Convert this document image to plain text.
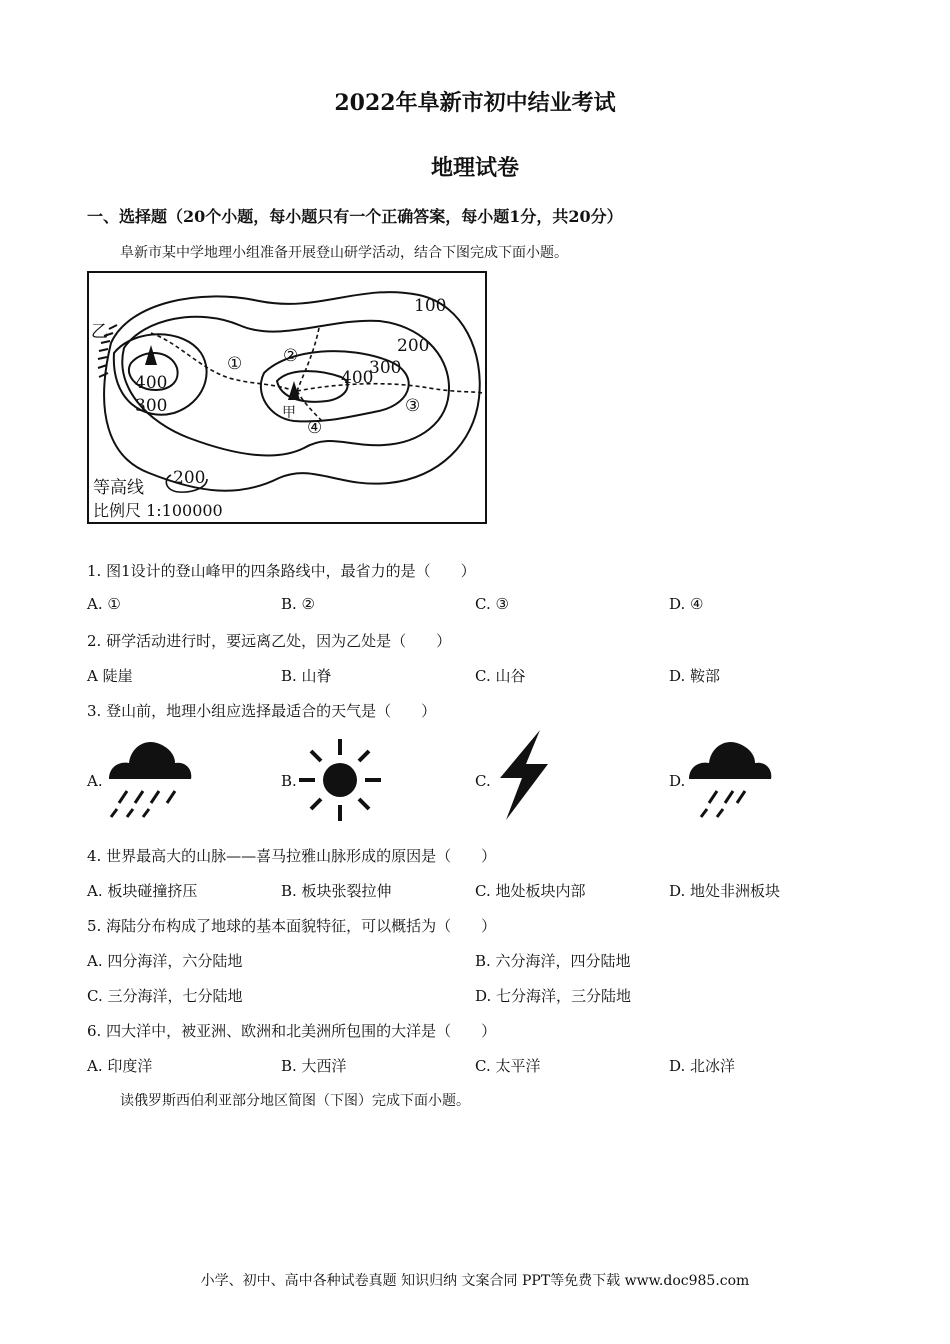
2022年阜新市初中结业考试
地理试卷
一、选择题（20个小题，每小题只有一个正确答案，每小题1分，共20分）
阜新市某中学地理小组准备开展登山研学活动，结合下图完成下面小题。
乙
甲
① ②
③
④
100
200
300
400
400
300
等高线 200
比例尺 1:100000
1. 图1设计的登山峰甲的四条路线中，最省力的是（　　）
A. ①	B. ②	C. ③	D. ④
2. 研学活动进行时，要远离乙处，因为乙处是（　　）
A 陡崖	B. 山脊	C. 山谷	D. 鞍部
3. 登山前，地理小组应选择最适合的天气是（　　）
A.	B.	C.	D.
4. 世界最高大的山脉——喜马拉雅山脉形成的原因是（　　）
A. 板块碰撞挤压	B. 板块张裂拉伸	C. 地处板块内部	D. 地处非洲板块
5. 海陆分布构成了地球的基本面貌特征，可以概括为（　　）
A. 四分海洋，六分陆地	B. 六分海洋，四分陆地
C. 三分海洋，七分陆地	D. 七分海洋，三分陆地
6. 四大洋中，被亚洲、欧洲和北美洲所包围的大洋是（　　）
A. 印度洋	B. 大西洋	C. 太平洋	D. 北冰洋
读俄罗斯西伯利亚部分地区简图（下图）完成下面小题。
小学、初中、高中各种试卷真题 知识归纳 文案合同 PPT等免费下载 www.doc985.com
